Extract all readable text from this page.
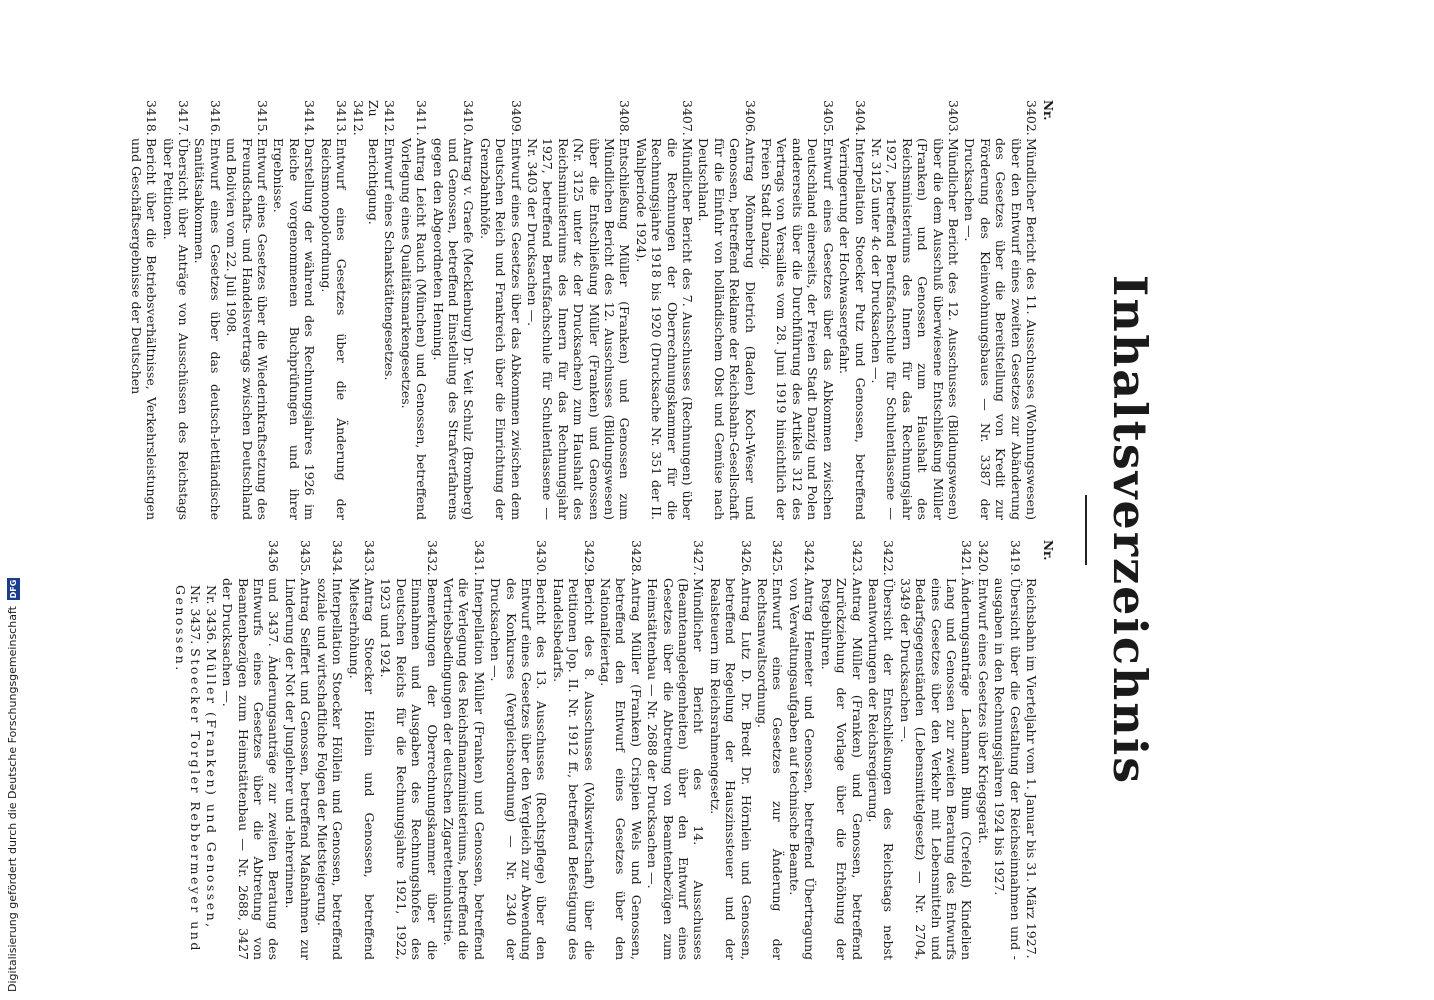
Inhaltsverzeichnis
Nr.
3402.
Mündlicher Bericht des 11. Ausschusses (Wohnungswesen) über den Entwurf eines zweiten Gesetzes zur Abänderung des Gesetzes über die Bereitstellung von Kredit zur Förderung des Kleinwohnungsbaues — Nr. 3387 der Drucksachen —.
3403.
Mündlicher Bericht des 12. Ausschusses (Bildungswesen) über die dem Ausschuß überwiesene Entschließung Müller (Franken) und Genossen zum Haushalt des Reichsministeriums des Innern für das Rechnungsjahr 1927, betreffend Berufsfachschule für Schulentlassene — Nr. 3125 unter 4c der Drucksachen —.
3404.
Interpellation Stoecker Putz und Genossen, betreffend Verringerung der Hochwassergefahr.
3405.
Entwurf eines Gesetzes über das Abkommen zwischen Deutschland einerseits, der Freien Stadt Danzig und Polen andererseits über die Durchführung des Artikels 312 des Vertrags von Versailles vom 28. Juni 1919 hinsichtlich der Freien Stadt Danzig.
3406.
Antrag Mönnebrug Dietrich (Baden) Koch-Weser und Genossen, betreffend Reklame der Reichsbahn-Gesellschaft für die Einfuhr von holländischem Obst und Gemüse nach Deutschland.
3407.
Mündlicher Bericht des 7. Ausschusses (Rechnungen) über die Rechnungen der Oberrechnungskammer für die Rechnungsjahre 1918 bis 1920 (Drucksache Nr. 351 der II. Wahlperiode 1924).
3408.
Entschließung Müller (Franken) und Genossen zum Mündlichen Bericht des 12. Ausschusses (Bildungswesen) über die Entschließung Müller (Franken) und Genossen (Nr. 3125 unter 4c der Drucksachen) zum Haushalt des Reichsministeriums des Innern für das Rechnungsjahr 1927, betreffend Berufsfachschule für Schulentlassene — Nr. 3403 der Drucksachen —.
3409.
Entwurf eines Gesetzes über das Abkommen zwischen dem Deutschen Reich und Frankreich über die Einrichtung der Grenzbahnhöfe.
3410.
Antrag v. Graefe (Mecklenburg) Dr. Veit Schulz (Bromberg) und Genossen, betreffend Einstellung des Strafverfahrens gegen den Abgeordneten Henning.
3411.
Antrag Leicht Rauch (München) und Genossen, betreffend Vorlegung eines Qualitätsmarkengesetzes.
3412.
Entwurf eines Schankstättengesetzes.
Zu 3412.
Berichtigung.
3413.
Entwurf eines Gesetzes über die Änderung der Reichsmonopolordnung.
3414.
Darstellung der während des Rechnungsjahres 1926 im Reiche vorgenommenen Buchprüfungen und ihrer Ergebnisse.
3415.
Entwurf eines Gesetzes über die Wiederinkraftsetzung des Freundschafts- und Handelsvertrags zwischen Deutschland und Bolivien vom 22. Juli 1908.
3416.
Entwurf eines Gesetzes über das deutsch-lettländische Sanitätsabkommen.
3417.
Übersicht über Anträge von Ausschüssen des Reichstags über Petitionen.
3418.
Bericht über die Betriebsverhältnisse, Verkehrsleistungen und Geschäftsergebnisse der Deutschen
Nr.
Reichsbahn im Vierteljahr vom 1. Januar bis 31. März 1927.
3419.
Übersicht über die Gestaltung der Reichseinnahmen und -ausgaben in den Rechnungsjahren 1924 bis 1927.
3420.
Entwurf eines Gesetzes über Kriegsgerät.
3421.
Änderungsanträge Lachmann Blum (Crefeld) Kindelien Lang und Genossen zur zweiten Beratung des Entwurfs eines Gesetzes über den Verkehr mit Lebensmitteln und Bedarfsgegenständen (Lebensmittelgesetz) — Nr. 2704, 3349 der Drucksachen —.
3422.
Übersicht der Entschließungen des Reichstags nebst Beantwortungen der Reichsregierung.
3423.
Antrag Müller (Franken) und Genossen, betreffend Zurückziehung der Vorlage über die Erhöhung der Postgebühren.
3424.
Antrag Hemeter und Genossen, betreffend Übertragung von Verwaltungsaufgaben auf technische Beamte.
3425.
Entwurf eines Gesetzes zur Änderung der Rechtsanwaltsordnung.
3426.
Antrag Lutz D. Dr. Bredt Dr. Hörnlein und Genossen, betreffend Regelung der Hauszinssteuer und der Realsteuern im Reichsrahmengesetz.
3427.
Mündlicher Bericht des 14. Ausschusses (Beamtenangelegenheiten) über den Entwurf eines Gesetzes über die Abtretung von Beamtenbezügen zum Heimstättenbau — Nr. 2688 der Drucksachen —.
3428.
Antrag Müller (Franken) Crispien Wels und Genossen, betreffend den Entwurf eines Gesetzes über den Nationalfeiertag.
3429.
Bericht des 8. Ausschusses (Volkswirtschaft) über die Petitionen Jop. II. Nr. 1912 ff., betreffend Befestigung des Handelsbedarfs.
3430.
Bericht des 13. Ausschusses (Rechtspflege) über den Entwurf eines Gesetzes über den Vergleich zur Abwendung des Konkurses (Vergleichsordnung) — Nr. 2340 der Drucksachen —.
3431.
Interpellation Müller (Franken) und Genossen, betreffend die Verlegung des Reichsfinanzministeriums, betreffend die Vertriebsbedingungen der deutschen Zigarettenindustrie.
3432.
Bemerkungen der Oberrechnungskammer über die Einnahmen und Ausgaben des Rechnungshofes des Deutschen Reichs für die Rechnungsjahre 1921, 1922, 1923 und 1924.
3433.
Antrag Stoecker Höllein und Genossen, betreffend Mietserhöhung.
3434.
Interpellation Stoecker Höllein und Genossen, betreffend soziale und wirtschaftliche Folgen der Mietsteigerung.
3435.
Antrag Seiffert und Genossen, betreffend Maßnahmen zur Linderung der Not der Junglehrer und -lehrerinnen.
3436
und 3437. Änderungsanträge zur zweiten Beratung des Entwurfs eines Gesetzes über die Abtretung von Beamtenbezügen zum Heimstättenbau — Nr. 2688, 3427 der Drucksachen —.
Nr. 3436. Müller (Franken) und Genossen,
Nr. 3437. Stoecker Torgler Rebbermeyer und Genossen.
Digitalisierung gefördert durch die Deutsche Forschungsgemeinschaft
DFG
